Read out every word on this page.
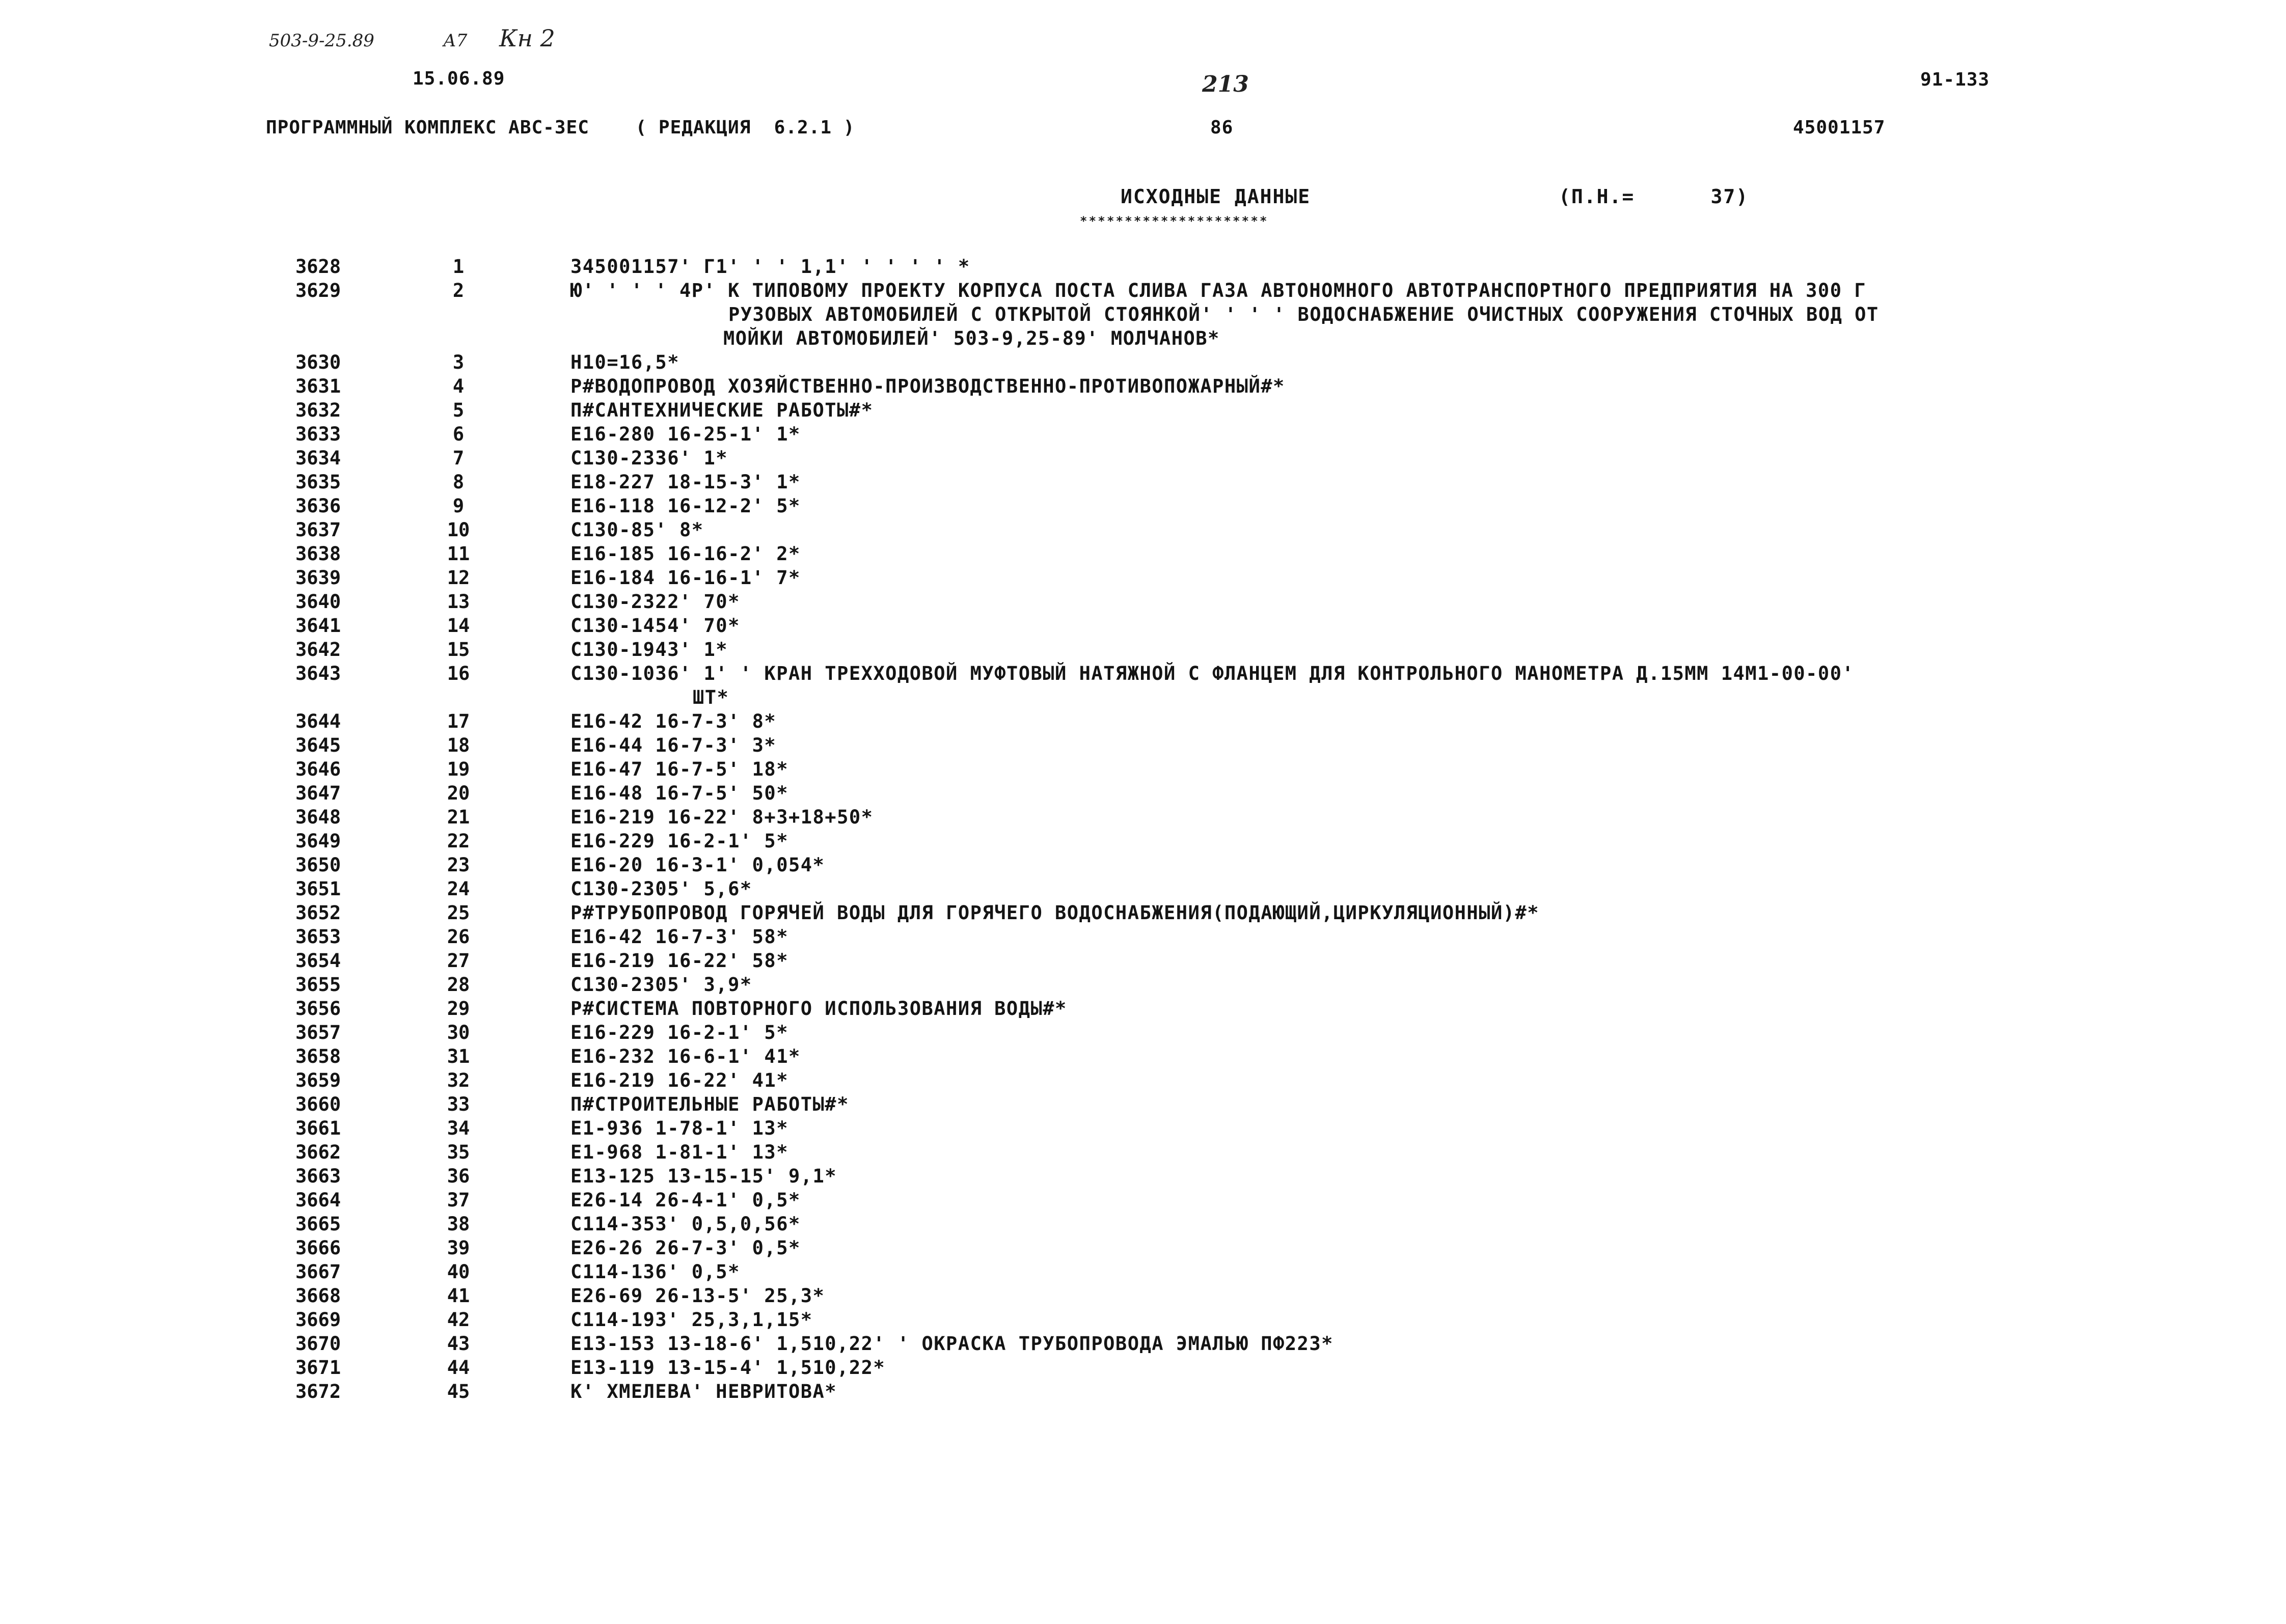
503-9-25.89	А7 Кн 2
15.06.89	213	91-133
ПРОГРАММНЫЙ КОМПЛЕКС АВС-ЗЕС    ( РЕДАКЦИЯ  6.2.1 )	86	45001157
ИСХОДНЫЕ ДАННЫЕ	(П.Н.=      37)
*********************
3628	1	345001157' Г1' ' ' 1,1' ' ' ' ' *
3629	2	Ю' ' ' ' 4Р' К ТИПОВОМУ ПРОЕКТУ КОРПУСА ПОСТА СЛИВА ГАЗА АВТОНОМНОГО АВТОТРАНСПОРТНОГО ПРЕДПРИЯТИЯ НА 300 Г
РУЗОВЫХ АВТОМОБИЛЕЙ С ОТКРЫТОЙ СТОЯНКОЙ' ' ' ' ВОДОСНАБЖЕНИЕ ОЧИСТНЫХ СООРУЖЕНИЯ СТОЧНЫХ ВОД ОТ
МОЙКИ АВТОМОБИЛЕЙ' 503-9,25-89' МОЛЧАНОВ*
3630	3	Н10=16,5*
3631	4	Р#ВОДОПРОВОД ХОЗЯЙСТВЕННО-ПРОИЗВОДСТВЕННО-ПРОТИВОПОЖАРНЫЙ#*
3632	5	П#САНТЕХНИЧЕСКИЕ РАБОТЫ#*
3633	6	Е16-280 16-25-1' 1*
3634	7	С130-2336' 1*
3635	8	Е18-227 18-15-3' 1*
3636	9	Е16-118 16-12-2' 5*
3637	10	С130-85' 8*
3638	11	Е16-185 16-16-2' 2*
3639	12	Е16-184 16-16-1' 7*
3640	13	С130-2322' 70*
3641	14	С130-1454' 70*
3642	15	С130-1943' 1*
3643	16	С130-1036' 1' ' КРАН ТРЕХХОДОВОЙ МУФТОВЫЙ НАТЯЖНОЙ С ФЛАНЦЕМ ДЛЯ КОНТРОЛЬНОГО МАНОМЕТРА Д.15ММ 14М1-00-00'
ШТ*
3644	17	Е16-42 16-7-3' 8*
3645	18	Е16-44 16-7-3' 3*
3646	19	Е16-47 16-7-5' 18*
3647	20	Е16-48 16-7-5' 50*
3648	21	Е16-219 16-22' 8+3+18+50*
3649	22	Е16-229 16-2-1' 5*
3650	23	Е16-20 16-3-1' 0,054*
3651	24	С130-2305' 5,6*
3652	25	Р#ТРУБОПРОВОД ГОРЯЧЕЙ ВОДЫ ДЛЯ ГОРЯЧЕГО ВОДОСНАБЖЕНИЯ(ПОДАЮЩИЙ,ЦИРКУЛЯЦИОННЫЙ)#*
3653	26	Е16-42 16-7-3' 58*
3654	27	Е16-219 16-22' 58*
3655	28	С130-2305' 3,9*
3656	29	Р#СИСТЕМА ПОВТОРНОГО ИСПОЛЬЗОВАНИЯ ВОДЫ#*
3657	30	Е16-229 16-2-1' 5*
3658	31	Е16-232 16-6-1' 41*
3659	32	Е16-219 16-22' 41*
3660	33	П#СТРОИТЕЛЬНЫЕ РАБОТЫ#*
3661	34	Е1-936 1-78-1' 13*
3662	35	Е1-968 1-81-1' 13*
3663	36	Е13-125 13-15-15' 9,1*
3664	37	Е26-14 26-4-1' 0,5*
3665	38	С114-353' 0,5,0,56*
3666	39	Е26-26 26-7-3' 0,5*
3667	40	С114-136' 0,5*
3668	41	Е26-69 26-13-5' 25,3*
3669	42	С114-193' 25,3,1,15*
3670	43	Е13-153 13-18-6' 1,510,22' ' ОКРАСКА ТРУБОПРОВОДА ЭМАЛЬЮ ПФ223*
3671	44	Е13-119 13-15-4' 1,510,22*
3672	45	К' ХМЕЛЕВА' НЕВРИТОВА*
